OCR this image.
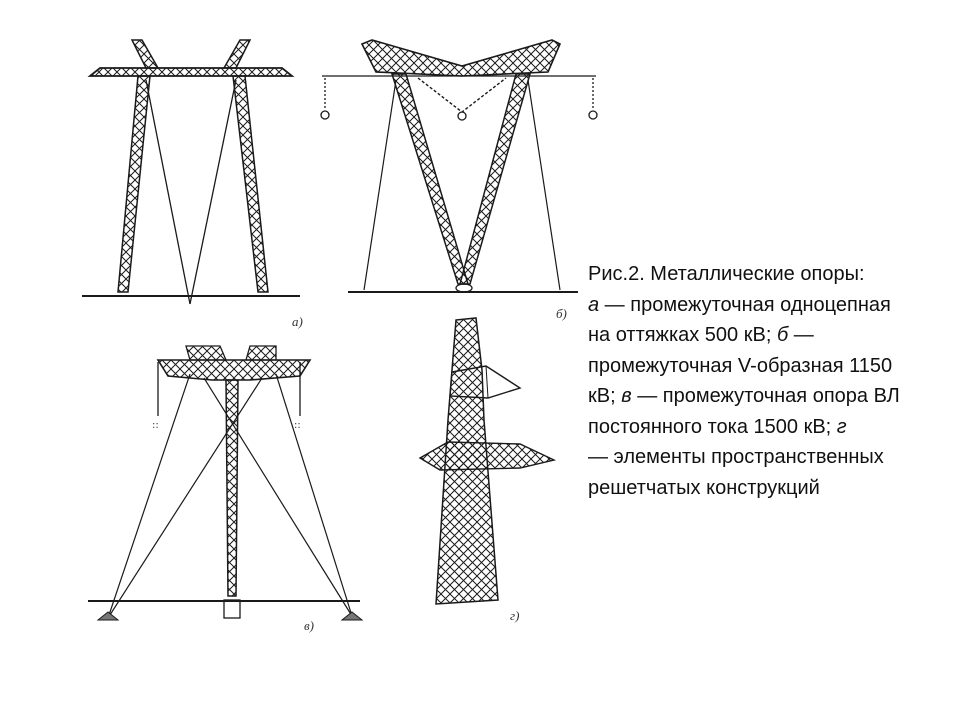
а)
б)
::	::
в)
г)
Рис.2. Металлические опоры:
а — промежуточная одноцепная
на оттяжках 500 кВ; б —
промежуточная V-образная 1150
кВ; в — промежуточная опора ВЛ
постоянного тока 1500 кВ; г
— элементы пространственных
решетчатых конструкций
